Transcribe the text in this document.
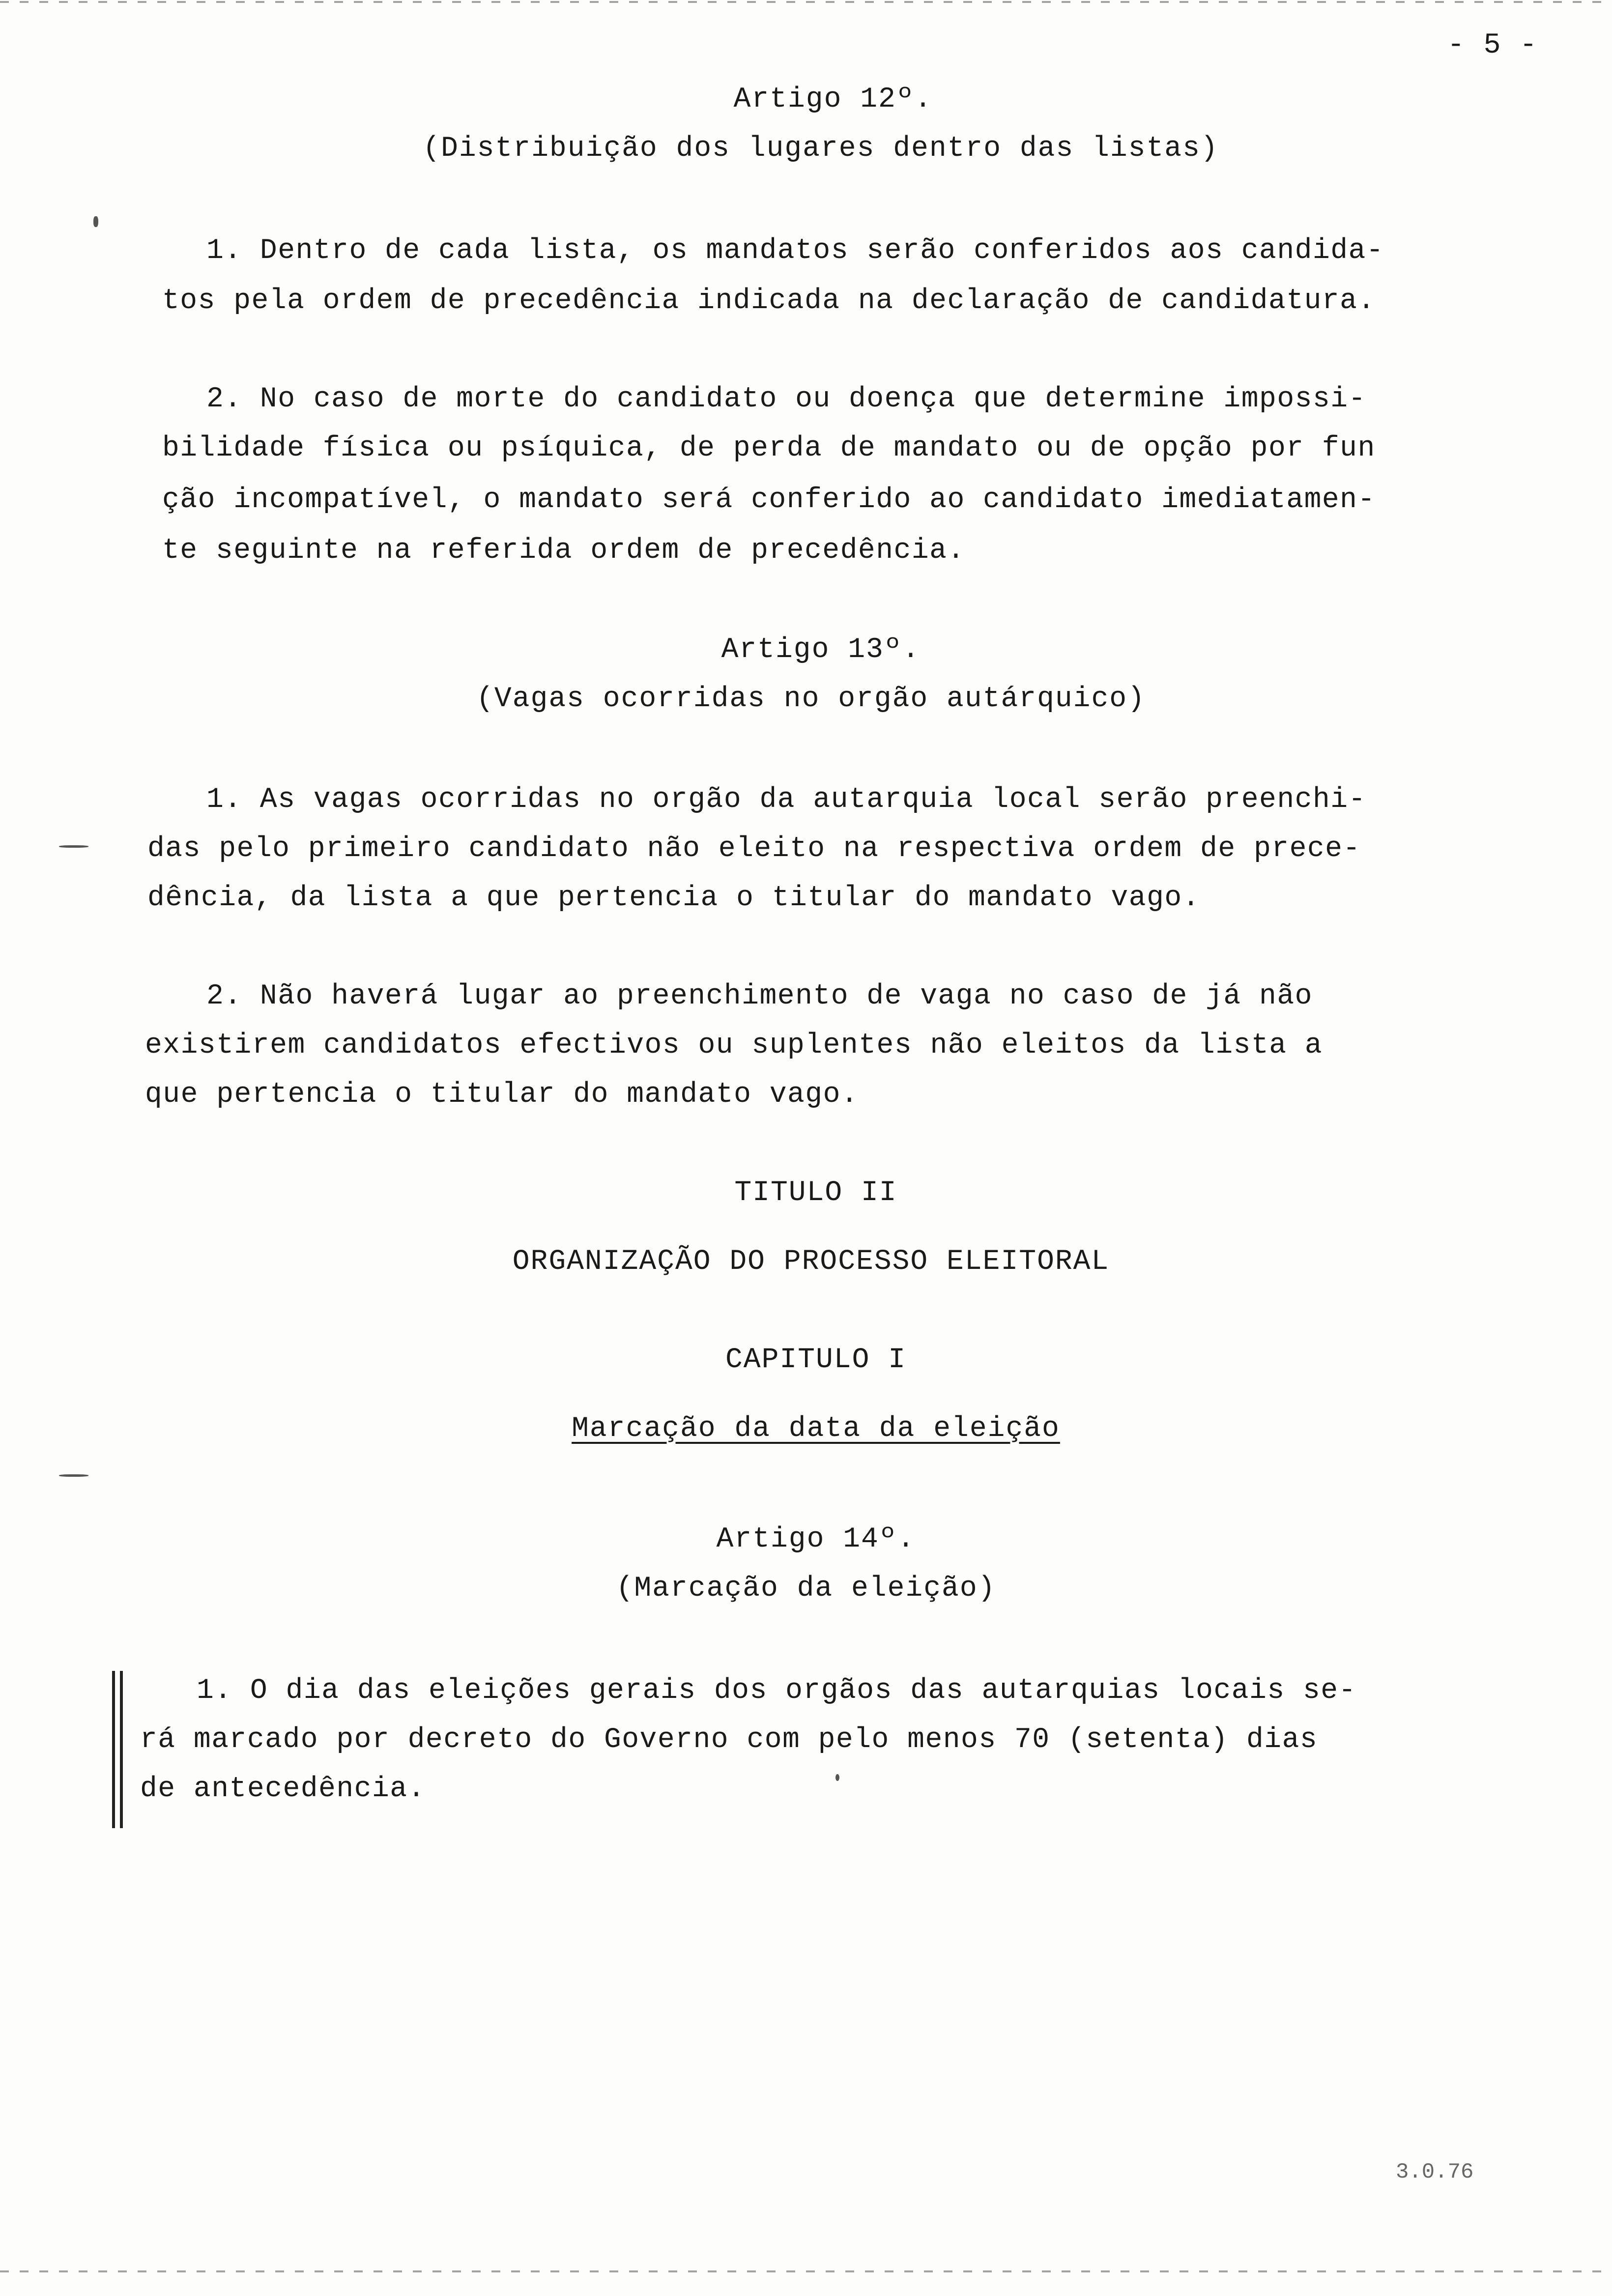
- 5 -
Artigo 12º.
(Distribuição dos lugares dentro das listas)
1. Dentro de cada lista, os mandatos serão conferidos aos candida-
tos pela ordem de precedência indicada na declaração de candidatura.
2. No caso de morte do candidato ou doença que determine impossi-
bilidade física ou psíquica, de perda de mandato ou de opção por fun
ção incompatível, o mandato será conferido ao candidato imediatamen-
te seguinte na referida ordem de precedência.
Artigo 13º.
(Vagas ocorridas no orgão autárquico)
1. As vagas ocorridas no orgão da autarquia local serão preenchi-
das pelo primeiro candidato não eleito na respectiva ordem de prece-
dência, da lista a que pertencia o titular do mandato vago.
2. Não haverá lugar ao preenchimento de vaga no caso de já não
existirem candidatos efectivos ou suplentes não eleitos da lista a
que pertencia o titular do mandato vago.
TITULO II
ORGANIZAÇÃO DO PROCESSO ELEITORAL
CAPITULO I
Marcação da data da eleição
Artigo 14º.
(Marcação da eleição)
1. O dia das eleições gerais dos orgãos das autarquias locais se-
rá marcado por decreto do Governo com pelo menos 70 (setenta) dias
de antecedência.
3.0.76
